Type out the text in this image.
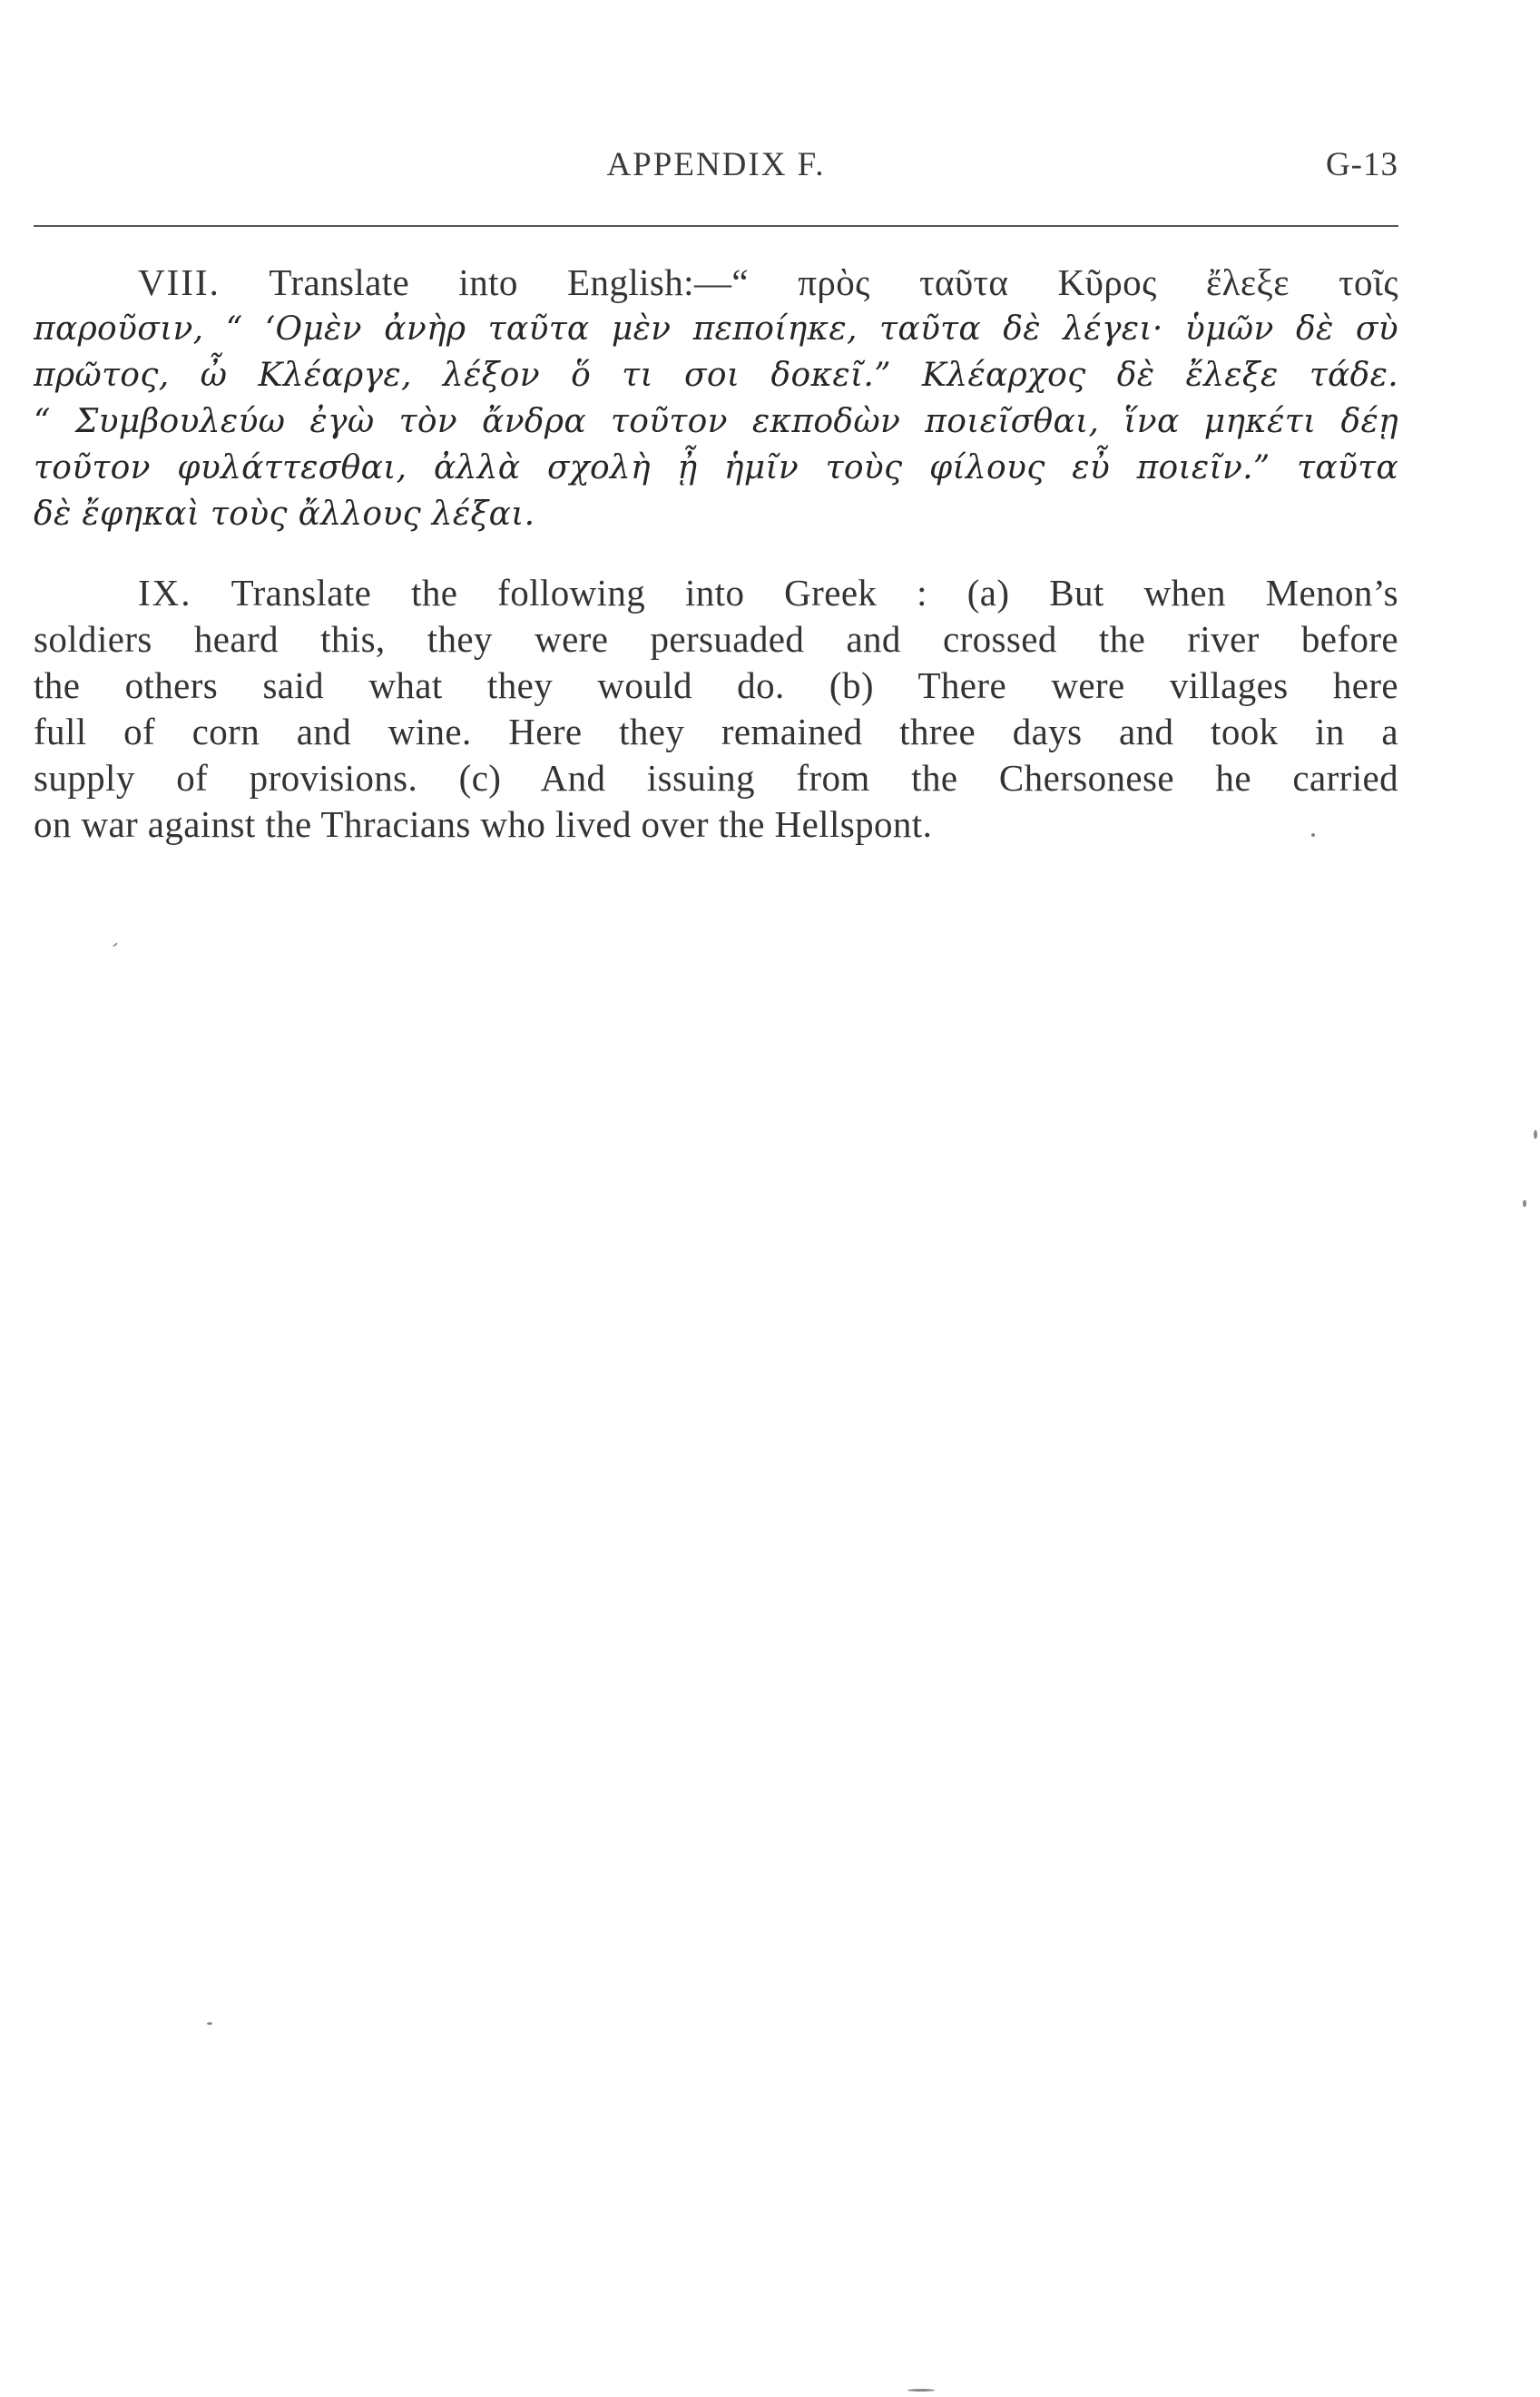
APPENDIX F.	G-13
VIII. Translate into English:—“ πρὸς ταῦτα Κῦρος ἔλεξε τοῖς
παροῦσιν, “ ‘Ομὲν ἀνὴρ ταῦτα μὲν πεποίηκε, ταῦτα δὲ λέγει· ὑμῶν δὲ σὺ
πρῶτος, ὦ Κλέαργε, λέξον ὅ τι σοι δοκεῖ.” Κλέαρχος δὲ ἔλεξε τάδε.
“ Συμβουλεύω ἐγὼ τὸν ἄνδρα τοῦτον εκποδὼν ποιεῖσθαι, ἵνα μηκέτι δέῃ
τοῦτον φυλάττεσθαι, ἀλλὰ σχολὴ ᾖ ἡμῖν τοὺς φίλους εὖ ποιεῖν.” ταῦτα
δὲ ἔφηκαὶ τοὺς ἄλλους λέξαι.
IX. Translate the following into Greek : (a) But when Menon’s
soldiers heard this, they were persuaded and crossed the river before
the others said what they would do. (b) There were villages here
full of corn and wine. Here they remained three days and took in a
supply of provisions. (c) And issuing from the Chersonese he carried
on war against the Thracians who lived over the Hellspont.
